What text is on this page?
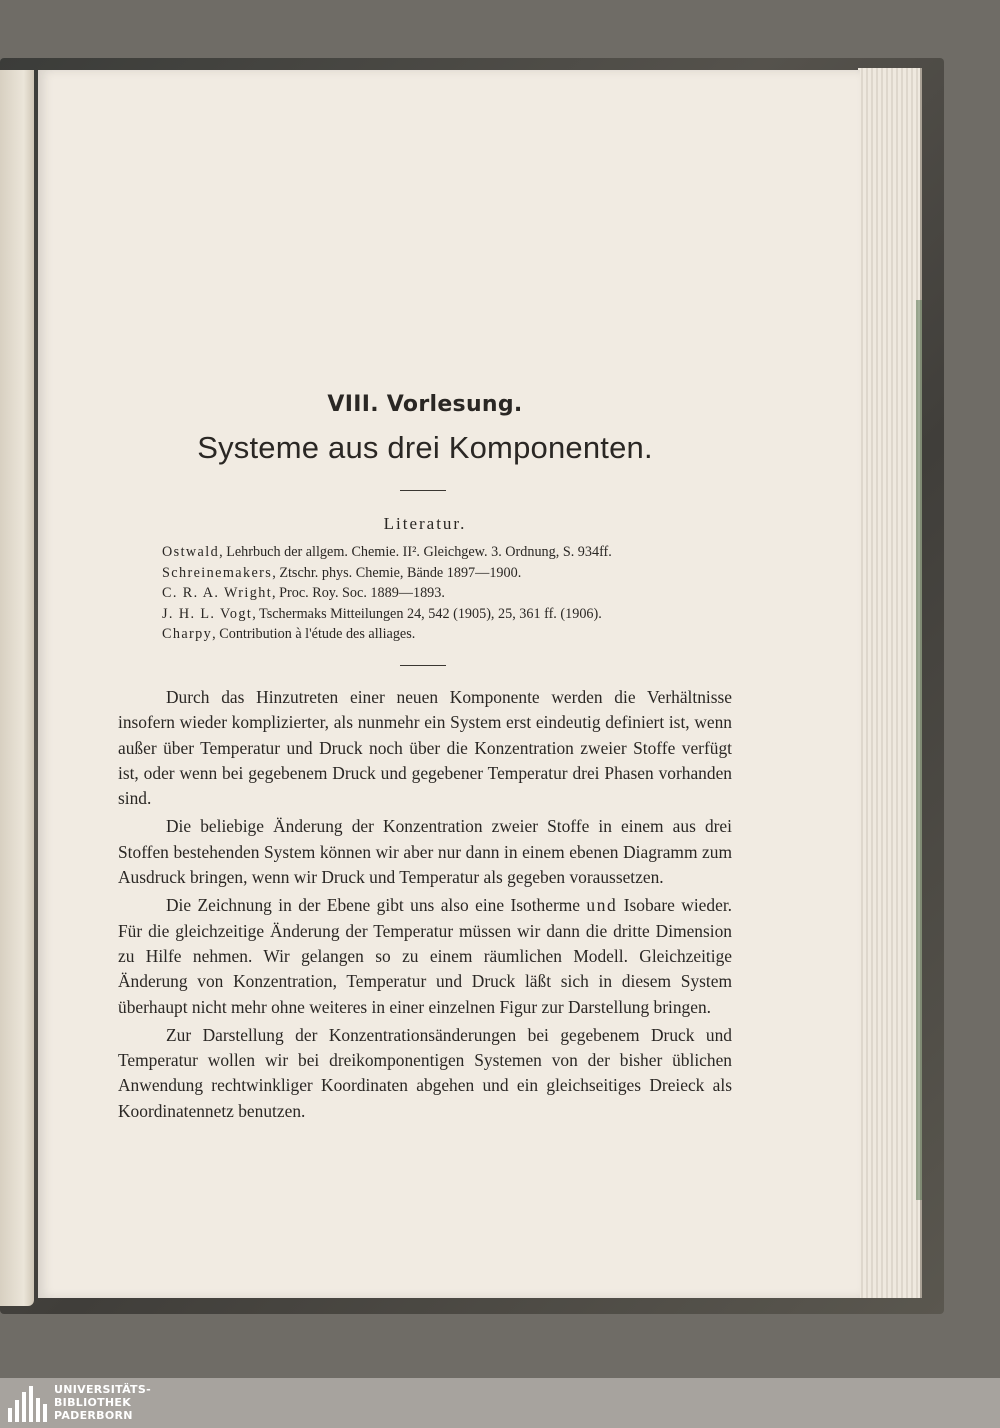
VIII. Vorlesung.
Systeme aus drei Komponenten.
Literatur.
Ostwald, Lehrbuch der allgem. Chemie. II². Gleichgew. 3. Ordnung, S. 934ff.
Schreinemakers, Ztschr. phys. Chemie, Bände 1897—1900.
C. R. A. Wright, Proc. Roy. Soc. 1889—1893.
J. H. L. Vogt, Tschermaks Mitteilungen 24, 542 (1905), 25, 361 ff. (1906).
Charpy, Contribution à l'étude des alliages.

Durch das Hinzutreten einer neuen Komponente werden die Verhältnisse insofern wieder komplizierter, als nunmehr ein System erst eindeutig definiert ist, wenn außer über Temperatur und Druck noch über die Konzentration zweier Stoffe verfügt ist, oder wenn bei gegebenem Druck und gegebener Temperatur drei Phasen vorhanden sind.

Die beliebige Änderung der Konzentration zweier Stoffe in einem aus drei Stoffen bestehenden System können wir aber nur dann in einem ebenen Diagramm zum Ausdruck bringen, wenn wir Druck und Temperatur als gegeben voraussetzen.

Die Zeichnung in der Ebene gibt uns also eine Isotherme und Isobare wieder. Für die gleichzeitige Änderung der Temperatur müssen wir dann die dritte Dimension zu Hilfe nehmen. Wir gelangen so zu einem räumlichen Modell. Gleichzeitige Änderung von Konzentration, Temperatur und Druck läßt sich in diesem System überhaupt nicht mehr ohne weiteres in einer einzelnen Figur zur Darstellung bringen.

Zur Darstellung der Konzentrationsänderungen bei gegebenem Druck und Temperatur wollen wir bei dreikomponentigen Systemen von der bisher üblichen Anwendung rechtwinkliger Koordinaten abgehen und ein gleichseitiges Dreieck als Koordinatennetz benutzen.

UNIVERSITÄTS-
BIBLIOTHEK
PADERBORN
